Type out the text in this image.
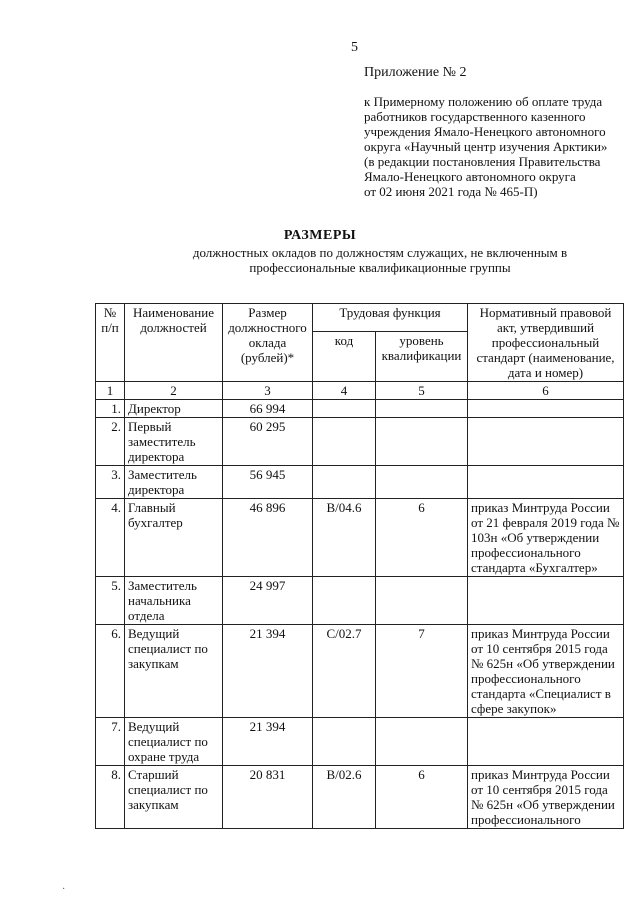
5
Приложение № 2
к Примерному положению об оплате труда
работников государственного казенного
учреждения Ямало-Ненецкого автономного
округа «Научный центр изучения Арктики»
(в редакции постановления Правительства
Ямало-Ненецкого автономного округа
от 02 июня 2021 года № 465-П)
РАЗМЕРЫ
должностных окладов по должностям служащих, не включенным в
профессиональные квалификационные группы
№ п/п	Наименование должностей	Размер должностного оклада (рублей)*	Трудовая функция		Нормативный правовой акт, утвердивший профессиональный стандарт (наименование, дата и номер)
			код	уровень квалификации	
1	2	3	4	5	6
1.	Директор	66 994			
2.	Первый заместитель директора	60 295			
3.	Заместитель директора	56 945			
4.	Главный бухгалтер	46 896	В/04.6	6	приказ Минтруда России от 21 февраля 2019 года № 103н «Об утверждении профессионального стандарта «Бухгалтер»
5.	Заместитель начальника отдела	24 997			
6.	Ведущий специалист по закупкам	21 394	С/02.7	7	приказ Минтруда России от 10 сентября 2015 года № 625н «Об утверждении профессионального стандарта «Специалист в сфере закупок»
7.	Ведущий специалист по охране труда	21 394			
8.	Старший специалист по закупкам	20 831	В/02.6	6	приказ Минтруда России от 10 сентября 2015 года № 625н «Об утверждении профессионального
·
